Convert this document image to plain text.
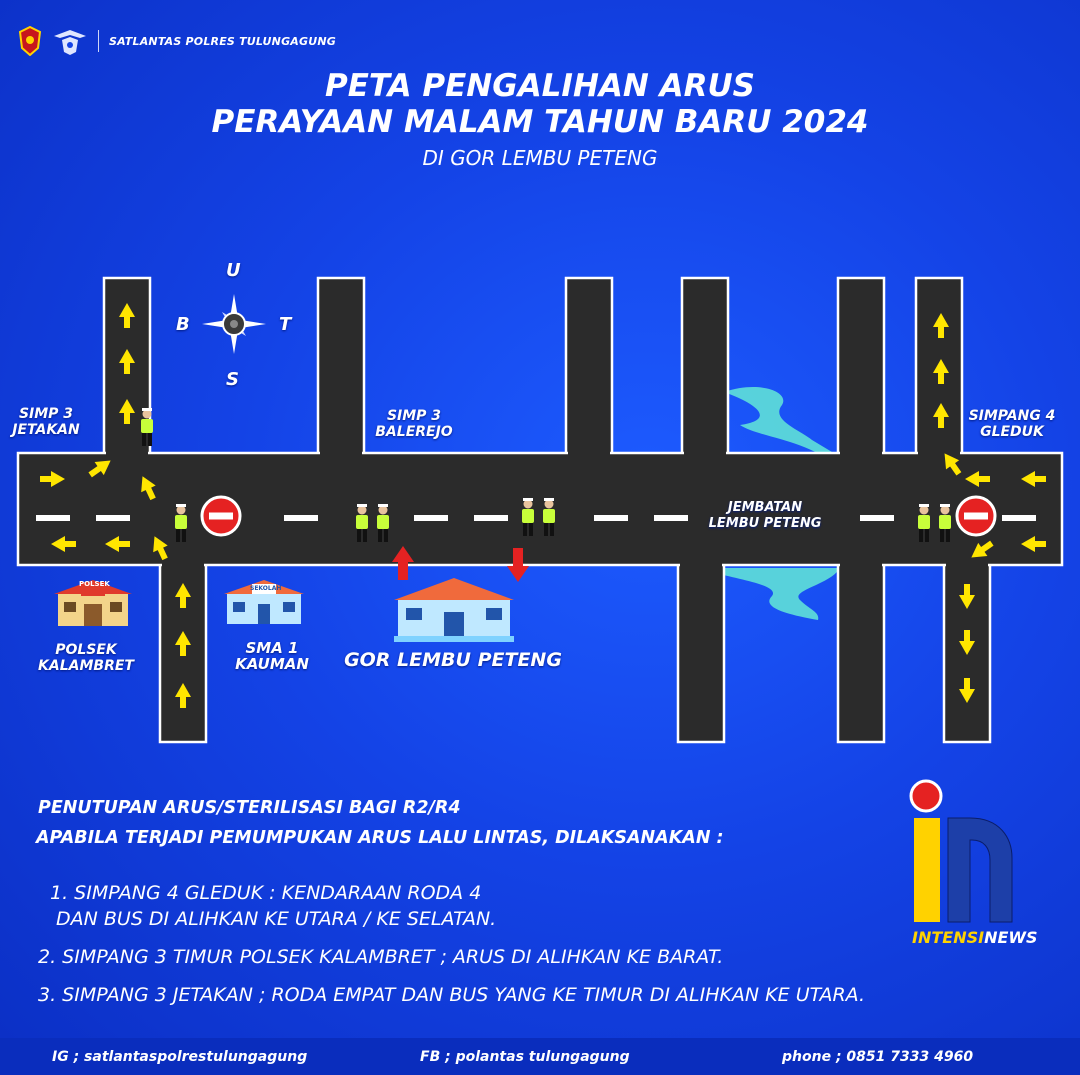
SATLANTAS POLRES TULUNGAGUNG
PETA PENGALIHAN ARUS
PERAYAAN MALAM TAHUN BARU 2024
DI GOR LEMBU PETENG
POLSEK
SEKOLAH
U
S
B	T
SIMP 3
JETAKAN
SIMP 3
BALEREJO
SIMPANG 4
GLEDUK
JEMBATAN
LEMBU PETENG
POLSEK
KALAMBRET
SMA 1
KAUMAN	GOR LEMBU PETENG
PENUTUPAN ARUS/STERILISASI BAGI R2/R4
APABILA TERJADI PEMUMPUKAN ARUS LALU LINTAS, DILAKSANAKAN :
1. SIMPANG 4 GLEDUK : KENDARAAN RODA 4
DAN BUS DI ALIHKAN KE UTARA / KE SELATAN.
2. SIMPANG 3 TIMUR POLSEK KALAMBRET ; ARUS DI ALIHKAN KE BARAT.
3. SIMPANG 3 JETAKAN ; RODA EMPAT DAN BUS YANG KE TIMUR DI ALIHKAN KE UTARA.
INTENSINEWS
IG ; satlantaspolrestulungagung	FB ; polantas tulungagung	phone ; 0851 7333 4960
